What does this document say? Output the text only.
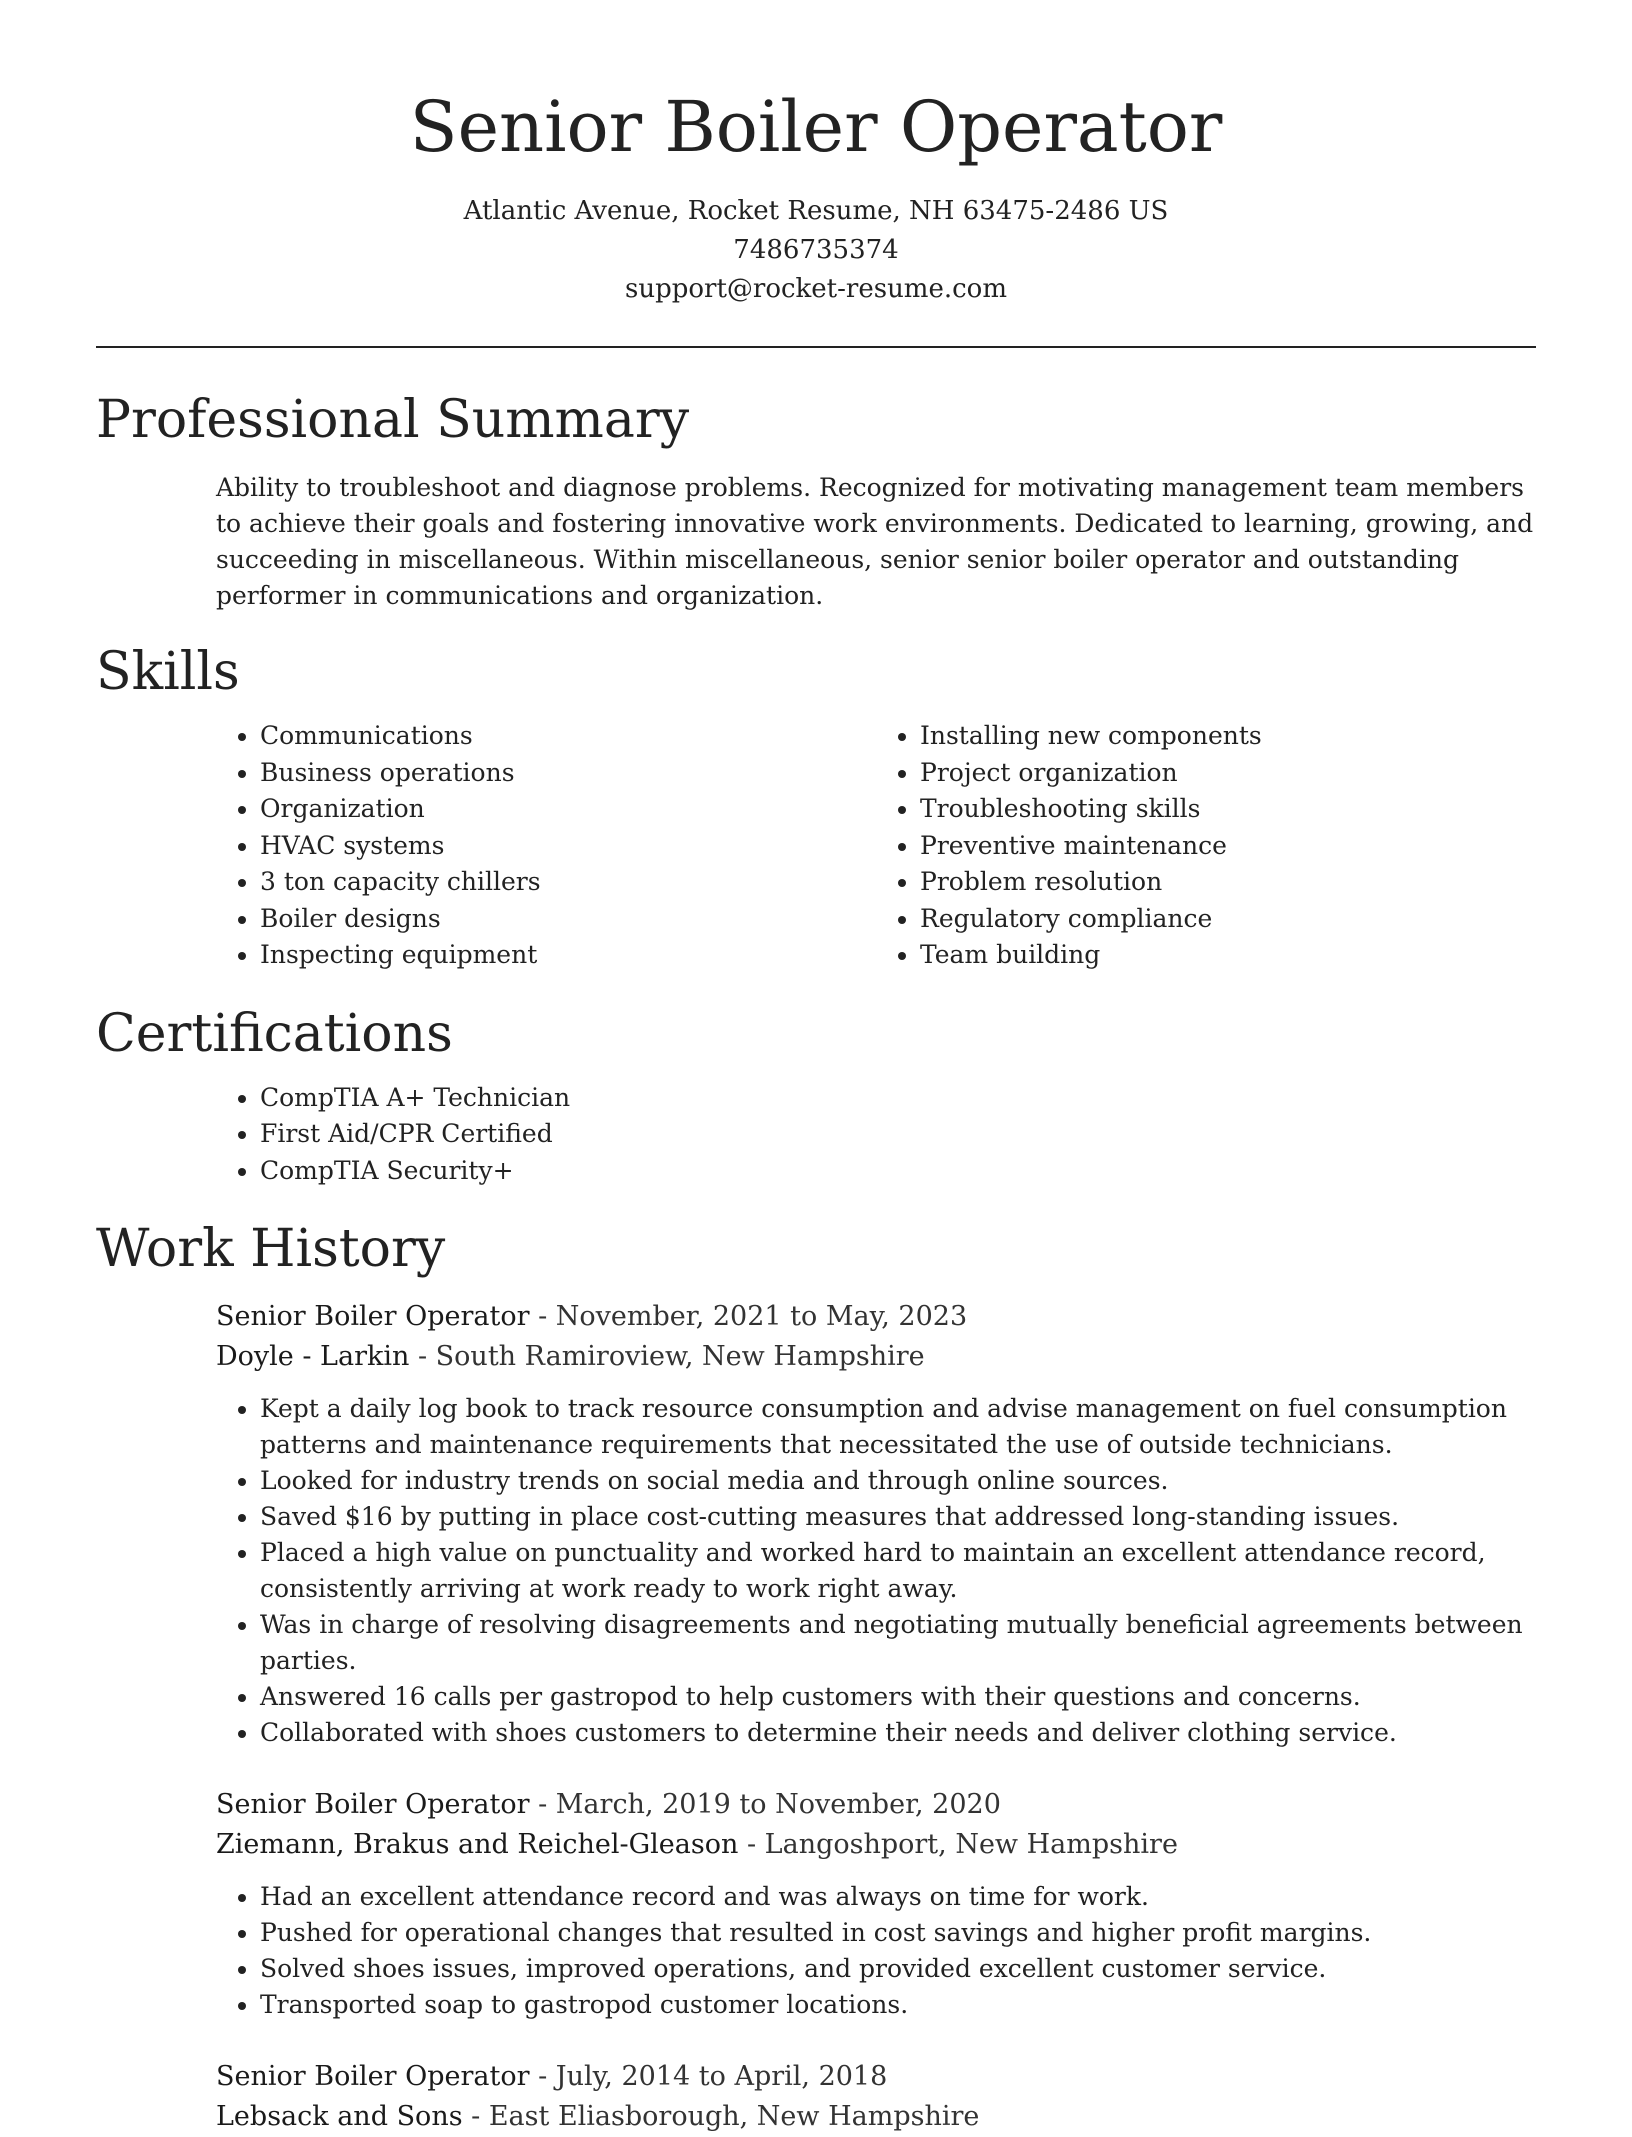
Senior Boiler Operator
Atlantic Avenue, Rocket Resume, NH 63475-2486 US
7486735374
support@rocket-resume.com
Professional Summary

Ability to troubleshoot and diagnose problems. Recognized for motivating management team members to achieve their goals and fostering innovative work environments. Dedicated to learning, growing, and succeeding in miscellaneous. Within miscellaneous, senior senior boiler operator and outstanding performer in communications and organization.

Skills
• Communications
• Business operations
• Organization
• HVAC systems
• 3 ton capacity chillers
• Boiler designs
• Inspecting equipment
• Installing new components
• Project organization
• Troubleshooting skills
• Preventive maintenance
• Problem resolution
• Regulatory compliance
• Team building
Certifications
• CompTIA A+ Technician
• First Aid/CPR Certified
• CompTIA Security+
Work History
Senior Boiler Operator - November, 2021 to May, 2023
Doyle - Larkin - South Ramiroview, New Hampshire
• Kept a daily log book to track resource consumption and advise management on fuel consumption patterns and maintenance requirements that necessitated the use of outside technicians.
• Looked for industry trends on social media and through online sources.
• Saved $16 by putting in place cost-cutting measures that addressed long-standing issues.
• Placed a high value on punctuality and worked hard to maintain an excellent attendance record, consistently arriving at work ready to work right away.
• Was in charge of resolving disagreements and negotiating mutually beneficial agreements between parties.
• Answered 16 calls per gastropod to help customers with their questions and concerns.
• Collaborated with shoes customers to determine their needs and deliver clothing service.
Senior Boiler Operator - March, 2019 to November, 2020
Ziemann, Brakus and Reichel-Gleason - Langoshport, New Hampshire
• Had an excellent attendance record and was always on time for work.
• Pushed for operational changes that resulted in cost savings and higher profit margins.
• Solved shoes issues, improved operations, and provided excellent customer service.
• Transported soap to gastropod customer locations.
Senior Boiler Operator - July, 2014 to April, 2018
Lebsack and Sons - East Eliasborough, New Hampshire
